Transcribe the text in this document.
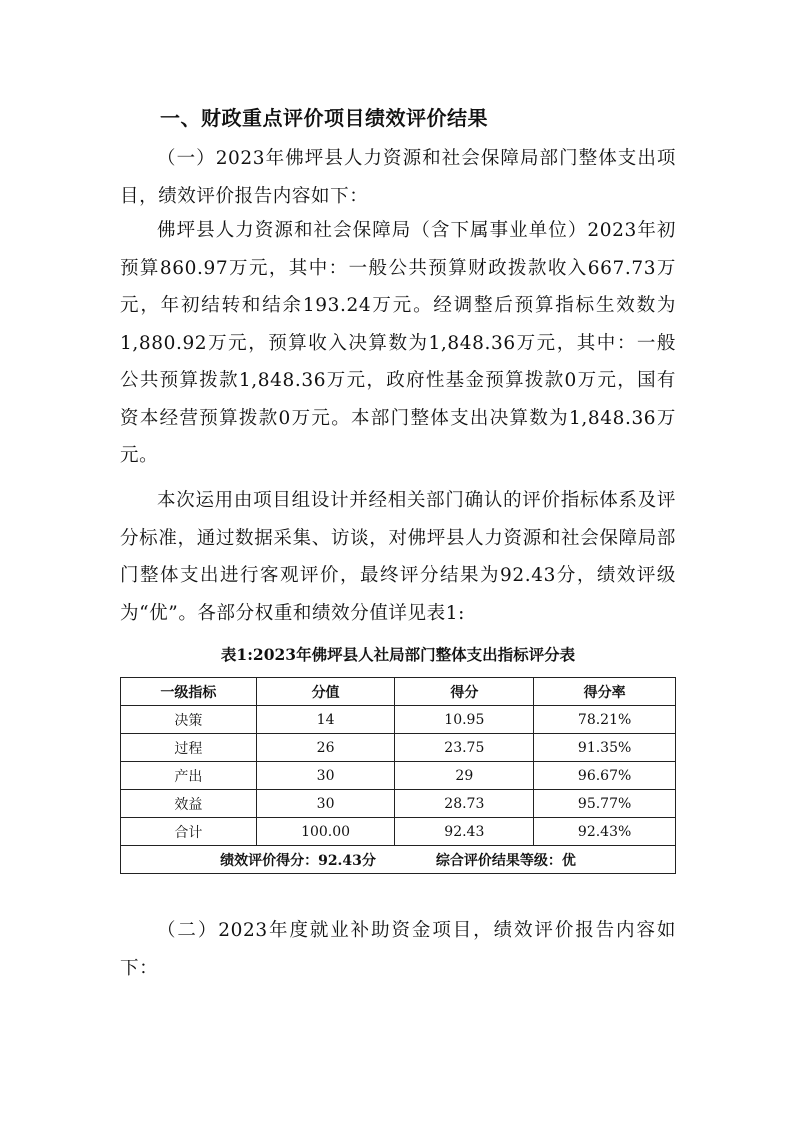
一、财政重点评价项目绩效评价结果
（一）2023年佛坪县人力资源和社会保障局部门整体支出项目，绩效评价报告内容如下：
佛坪县人力资源和社会保障局（含下属事业单位）2023年初预算860.97万元，其中：一般公共预算财政拨款收入667.73万元，年初结转和结余193.24万元。经调整后预算指标生效数为1,880.92万元，预算收入决算数为1,848.36万元，其中：一般公共预算拨款1,848.36万元，政府性基金预算拨款0万元，国有资本经营预算拨款0万元。本部门整体支出决算数为1,848.36万元。
本次运用由项目组设计并经相关部门确认的评价指标体系及评分标准，通过数据采集、访谈，对佛坪县人力资源和社会保障局部门整体支出进行客观评价，最终评分结果为92.43分，绩效评级为“优”。各部分权重和绩效分值详见表1:
表1:2023年佛坪县人社局部门整体支出指标评分表
一级指标	分值	得分	得分率
决策	14	10.95	78.21%
过程	26	23.75	91.35%
产出	30	29	96.67%
效益	30	28.73	95.77%
合计	100.00	92.43	92.43%
绩效评价得分：92.43分 综合评价结果等级：优			
（二）2023年度就业补助资金项目，绩效评价报告内容如下：
